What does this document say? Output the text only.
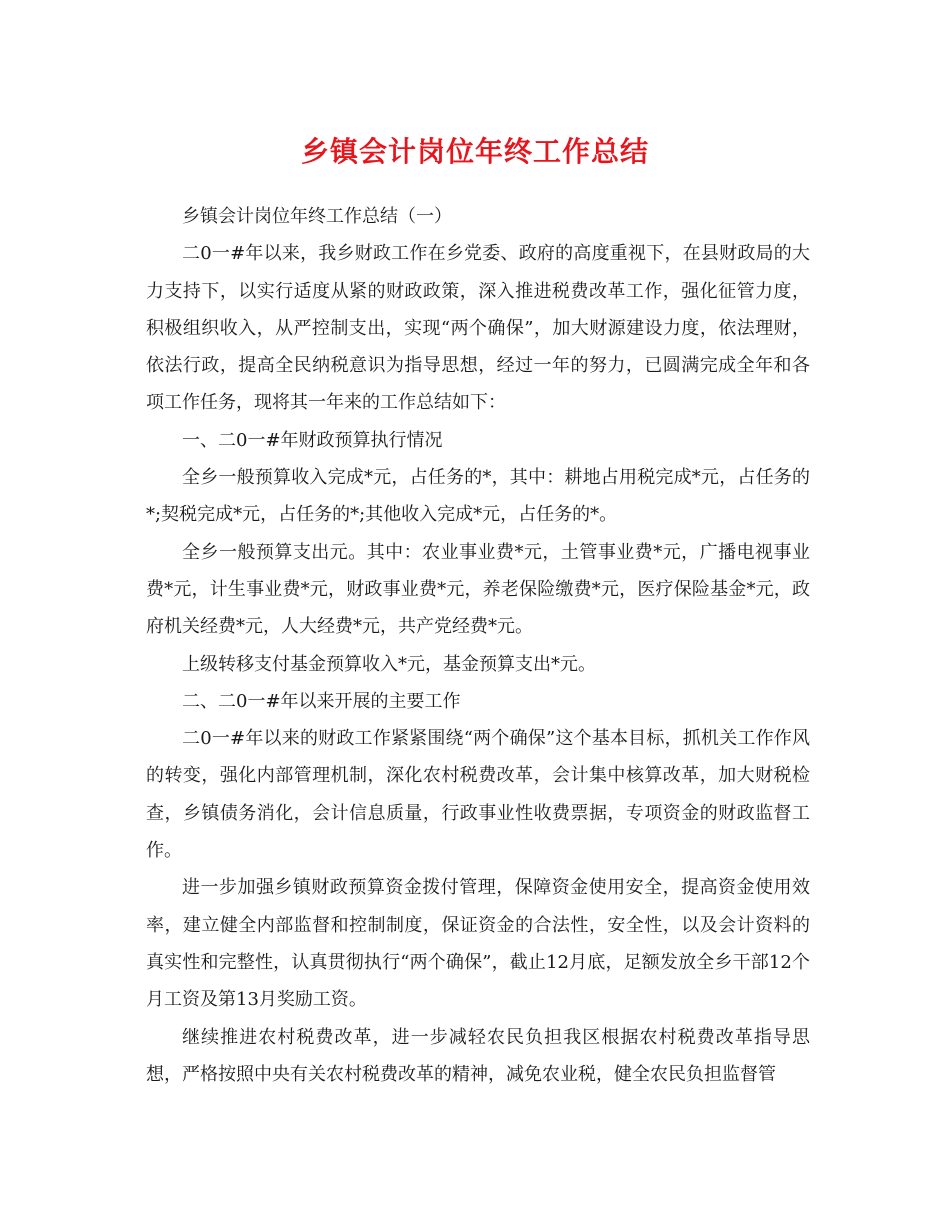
乡镇会计岗位年终工作总结

乡镇会计岗位年终工作总结（一）

二0一#年以来，我乡财政工作在乡党委、政府的高度重视下，在县财政局的大力支持下，以实行适度从紧的财政政策，深入推进税费改革工作，强化征管力度，积极组织收入，从严控制支出，实现“两个确保”，加大财源建设力度，依法理财，依法行政，提高全民纳税意识为指导思想，经过一年的努力，已圆满完成全年和各项工作任务，现将其一年来的工作总结如下：

一、二0一#年财政预算执行情况

全乡一般预算收入完成*元，占任务的*，其中：耕地占用税完成*元，占任务的*;契税完成*元，占任务的*;其他收入完成*元，占任务的*。

全乡一般预算支出元。其中：农业事业费*元，土管事业费*元，广播电视事业费*元，计生事业费*元，财政事业费*元，养老保险缴费*元，医疗保险基金*元，政府机关经费*元，人大经费*元，共产党经费*元。

上级转移支付基金预算收入*元，基金预算支出*元。

二、二0一#年以来开展的主要工作

二0一#年以来的财政工作紧紧围绕“两个确保”这个基本目标，抓机关工作作风的转变，强化内部管理机制，深化农村税费改革，会计集中核算改革，加大财税检查，乡镇债务消化，会计信息质量，行政事业性收费票据，专项资金的财政监督工作。

进一步加强乡镇财政预算资金拨付管理，保障资金使用安全，提高资金使用效率，建立健全内部监督和控制制度，保证资金的合法性，安全性，以及会计资料的真实性和完整性，认真贯彻执行“两个确保”，截止12月底，足额发放全乡干部12个月工资及第13月奖励工资。

继续推进农村税费改革，进一步减轻农民负担我区根据农村税费改革指导思想，严格按照中央有关农村税费改革的精神，减免农业税，健全农民负担监督管
